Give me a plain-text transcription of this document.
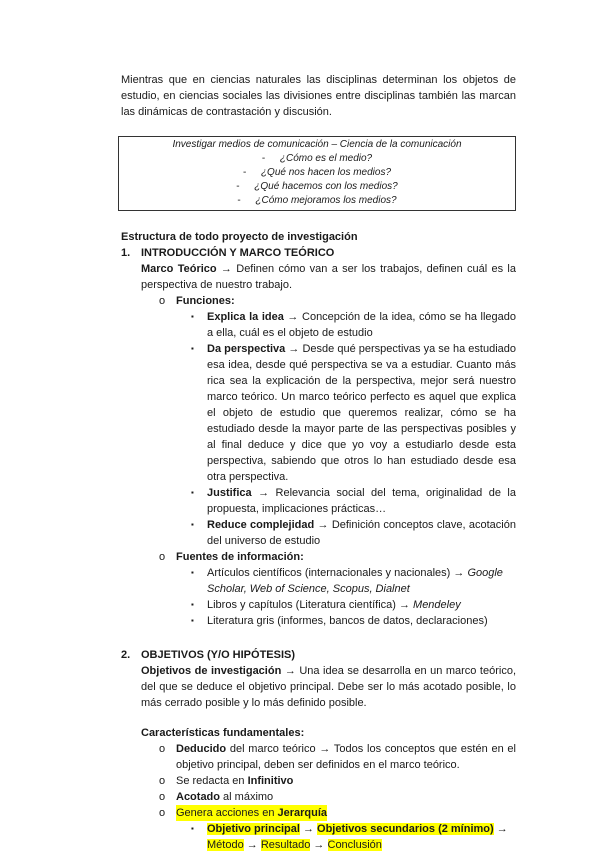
Mientras que en ciencias naturales las disciplinas determinan los objetos de estudio, en ciencias sociales las divisiones entre disciplinas también las marcan las dinámicas de contrastación y discusión.

Investigar medios de comunicación – Ciencia de la comunicación
-	¿Cómo es el medio?
-	¿Qué nos hacen los medios?
-	¿Qué hacemos con los medios?
-	¿Cómo mejoramos los medios?

Estructura de todo proyecto de investigación

1. INTRODUCCIÓN Y MARCO TEÓRICO

Marco Teórico → Definen cómo van a ser los trabajos, definen cuál es la perspectiva de nuestro trabajo.

o Funciones:
▪	Explica la idea → Concepción de la idea, cómo se ha llegado a ella, cuál es el objeto de estudio
▪	Da perspectiva → Desde qué perspectivas ya se ha estudiado esa idea, desde qué perspectiva se va a estudiar. Cuanto más rica sea la explicación de la perspectiva, mejor será nuestro marco teórico. Un marco teórico perfecto es aquel que explica el objeto de estudio que queremos realizar, cómo se ha estudiado desde la mayor parte de las perspectivas posibles y al final deduce y dice que yo voy a estudiarlo desde esta perspectiva, sabiendo que otros lo han estudiado desde esa otra perspectiva.
▪	Justifica → Relevancia social del tema, originalidad de la propuesta, implicaciones prácticas…
▪	Reduce complejidad → Definición conceptos clave, acotación del universo de estudio
o Fuentes de información:
▪	Artículos científicos (internacionales y nacionales) → Google Scholar, Web of Science, Scopus, Dialnet
▪	Libros y capítulos (Literatura científica) → Mendeley
▪	Literatura gris (informes, bancos de datos, declaraciones)
2. OBJETIVOS (Y/O HIPÓTESIS)

Objetivos de investigación → Una idea se desarrolla en un marco teórico, del que se deduce el objetivo principal. Debe ser lo más acotado posible, lo más cerrado posible y lo más definido posible.

Características fundamentales:

o Deducido del marco teórico → Todos los conceptos que estén en el objetivo principal, deben ser definidos en el marco teórico.
o Se redacta en Infinitivo
o Acotado al máximo
o Genera acciones en Jerarquía
▪	Objetivo principal → Objetivos secundarios (2 mínimo) → Método → Resultado → Conclusión
